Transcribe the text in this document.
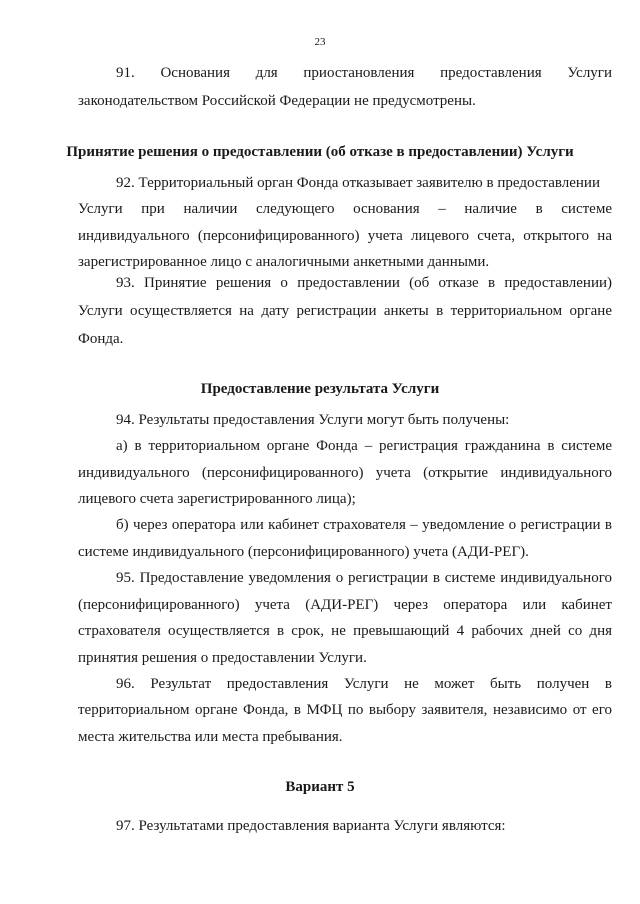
23
91. Основания для приостановления предоставления Услуги
законодательством Российской Федерации не предусмотрены.
Принятие решения о предоставлении (об отказе в предоставлении) Услуги
92. Территориальный орган Фонда отказывает заявителю в предоставлении
Услуги при наличии следующего основания – наличие в системе
индивидуального (персонифицированного) учета лицевого счета, открытого на
зарегистрированное лицо с аналогичными анкетными данными.
93. Принятие решения о предоставлении (об отказе в предоставлении)
Услуги осуществляется на дату регистрации анкеты в территориальном органе
Фонда.
Предоставление результата Услуги
94. Результаты предоставления Услуги могут быть получены:
а) в территориальном органе Фонда – регистрация гражданина в системе
индивидуального (персонифицированного) учета (открытие индивидуального
лицевого счета зарегистрированного лица);
б) через оператора или кабинет страхователя – уведомление о регистрации в
системе индивидуального (персонифицированного) учета (АДИ-РЕГ).
95. Предоставление уведомления о регистрации в системе индивидуального
(персонифицированного) учета (АДИ-РЕГ) через оператора или кабинет
страхователя осуществляется в срок, не превышающий 4 рабочих дней со дня
принятия решения о предоставлении Услуги.
96. Результат предоставления Услуги не может быть получен в
территориальном органе Фонда, в МФЦ по выбору заявителя, независимо от его
места жительства или места пребывания.
Вариант 5
97. Результатами предоставления варианта Услуги являются:
